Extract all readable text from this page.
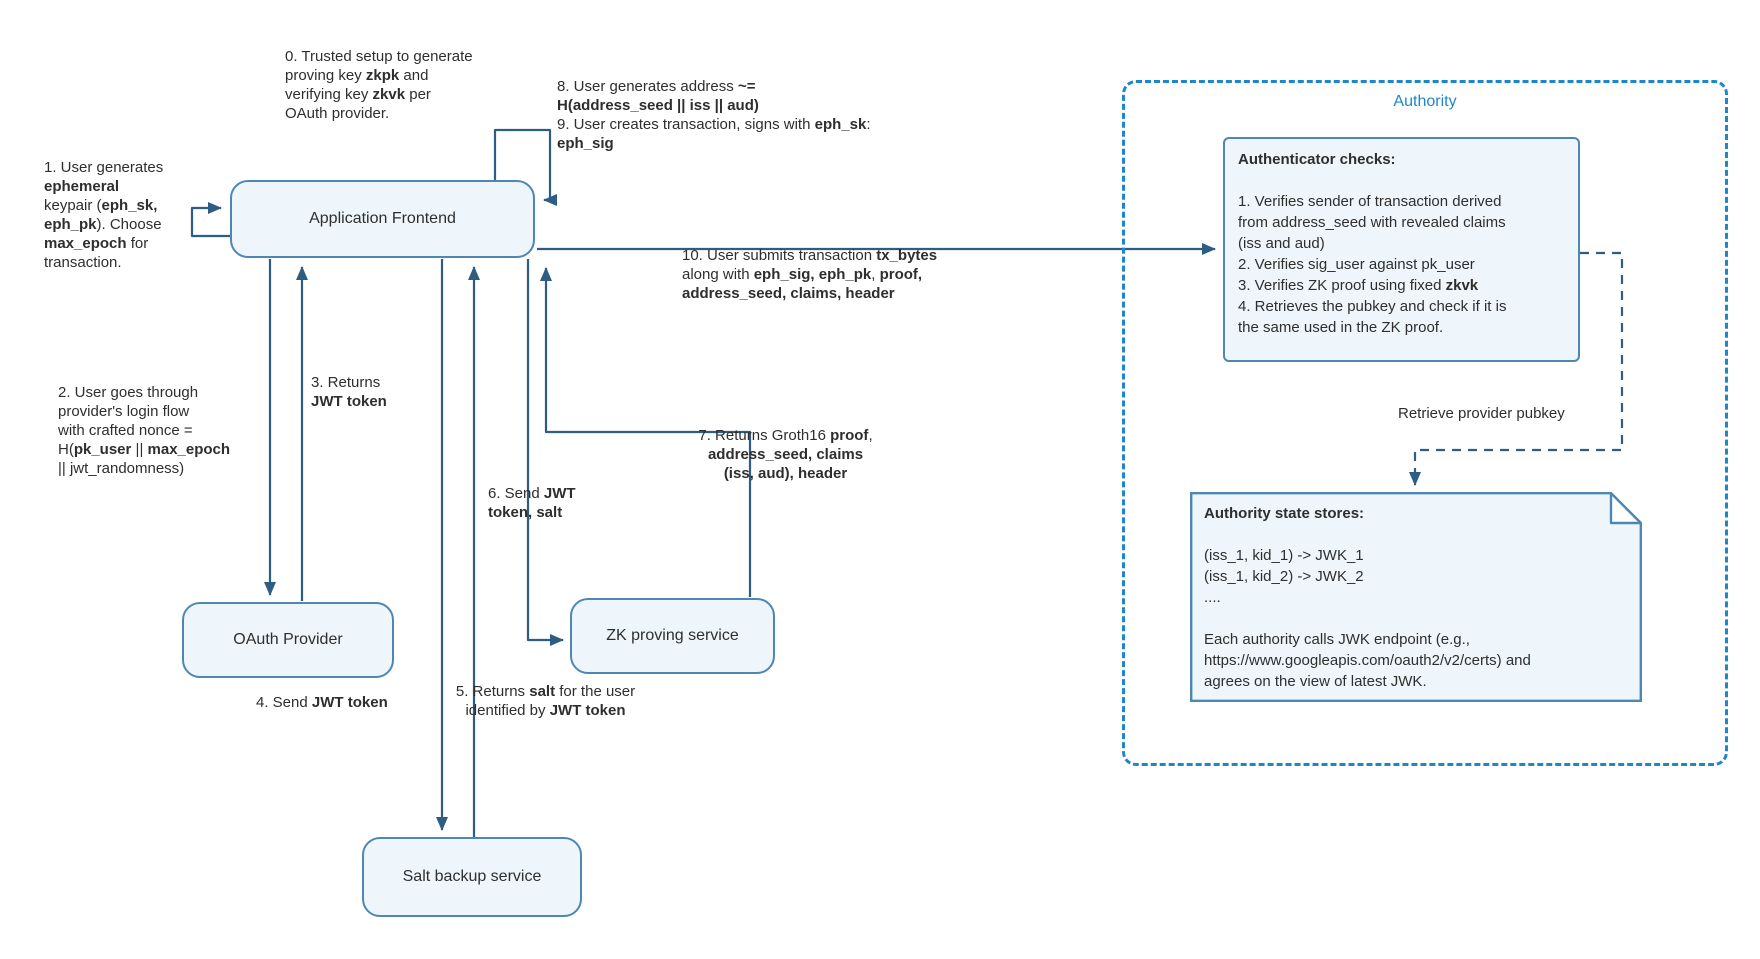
Authority
Application Frontend
OAuth Provider	ZK proving service
Salt backup service
Authenticator checks:

1. Verifies sender of transaction derived
from address_seed with revealed claims
(iss and aud)
2. Verifies sig_user against pk_user
3. Verifies ZK proof using fixed zkvk
4. Retrieves the pubkey and check if it is
the same used in the ZK proof.
Authority state stores:

(iss_1, kid_1) -> JWK_1
(iss_1, kid_2) -> JWK_2
....

Each authority calls JWK endpoint (e.g.,
https://www.googleapis.com/oauth2/v2/certs) and
agrees on the view of latest JWK.
0. Trusted setup to generate
proving key zkpk and
verifying key zkvk per
OAuth provider.
1. User generates
ephemeral
keypair (eph_sk,
eph_pk). Choose
max_epoch for
transaction.
8. User generates address ~=
H(address_seed || iss || aud)
9. User creates transaction, signs with eph_sk:
eph_sig
10. User submits transaction tx_bytes
along with eph_sig, eph_pk, proof,
address_seed, claims, header
2. User goes through
provider's login flow
with crafted nonce =
H(pk_user || max_epoch
|| jwt_randomness)
3. Returns
JWT token
4. Send JWT token
5. Returns salt for the user
identified by JWT token
6. Send JWT
token, salt
7. Returns Groth16 proof,
address_seed, claims
(iss, aud), header
Retrieve provider pubkey
